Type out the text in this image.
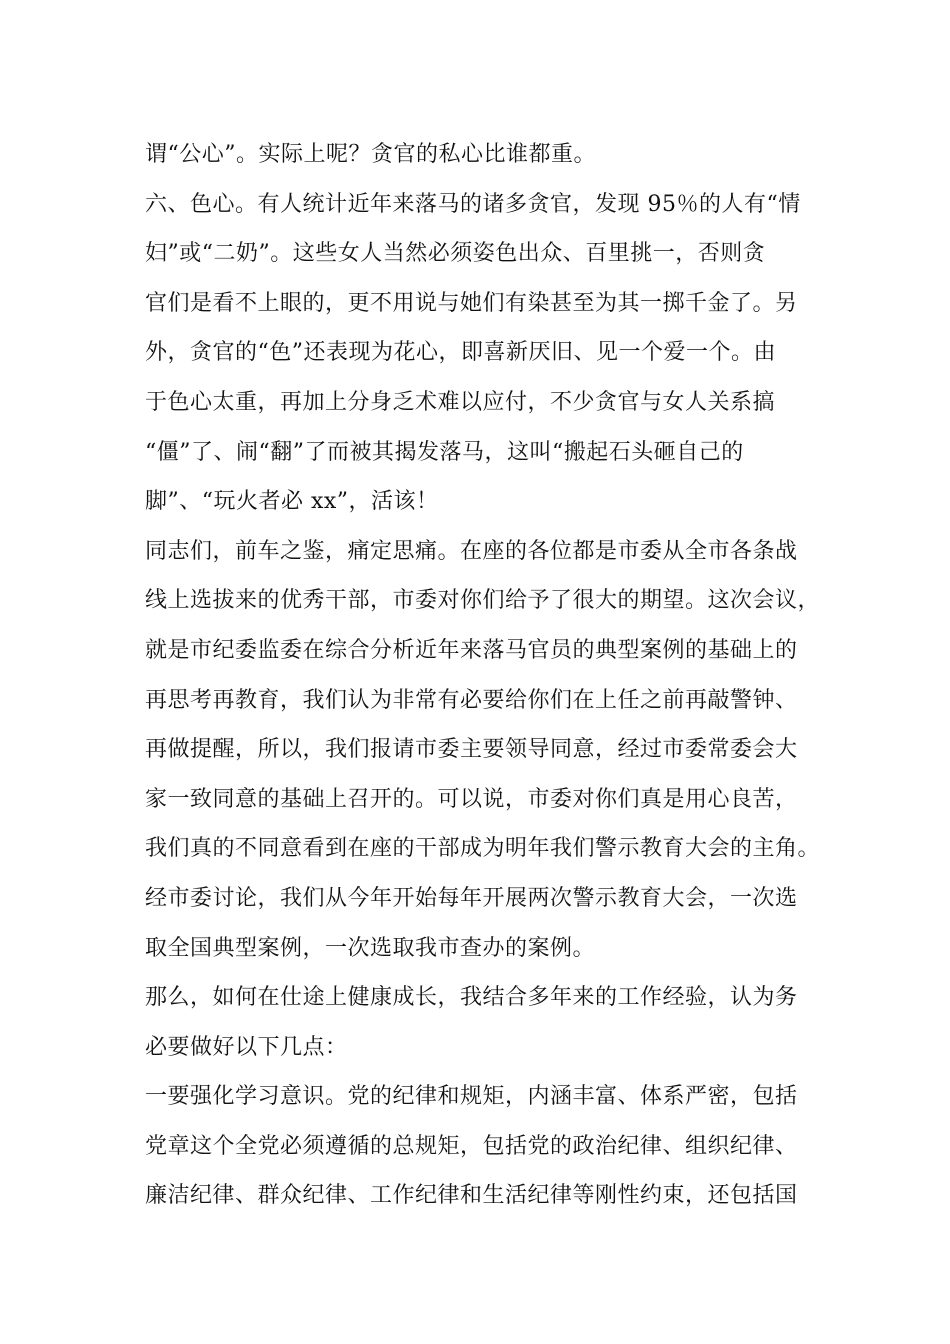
谓“公心”。实际上呢？贪官的私心比谁都重。
六、色心。有人统计近年来落马的诸多贪官，发现 95％的人有“情
妇”或“二奶”。这些女人当然必须姿色出众、百里挑一，否则贪
官们是看不上眼的，更不用说与她们有染甚至为其一掷千金了。另
外，贪官的“色”还表现为花心，即喜新厌旧、见一个爱一个。由
于色心太重，再加上分身乏术难以应付，不少贪官与女人关系搞
“僵”了、闹“翻”了而被其揭发落马，这叫“搬起石头砸自己的
脚”、“玩火者必 xx”，活该！
同志们，前车之鉴，痛定思痛。在座的各位都是市委从全市各条战
线上选拔来的优秀干部，市委对你们给予了很大的期望。这次会议，
就是市纪委监委在综合分析近年来落马官员的典型案例的基础上的
再思考再教育，我们认为非常有必要给你们在上任之前再敲警钟、
再做提醒，所以，我们报请市委主要领导同意，经过市委常委会大
家一致同意的基础上召开的。可以说，市委对你们真是用心良苦，
我们真的不同意看到在座的干部成为明年我们警示教育大会的主角。
经市委讨论，我们从今年开始每年开展两次警示教育大会，一次选
取全国典型案例，一次选取我市查办的案例。
那么，如何在仕途上健康成长，我结合多年来的工作经验，认为务
必要做好以下几点：
一要强化学习意识。党的纪律和规矩，内涵丰富、体系严密，包括
党章这个全党必须遵循的总规矩，包括党的政治纪律、组织纪律、
廉洁纪律、群众纪律、工作纪律和生活纪律等刚性约束，还包括国
